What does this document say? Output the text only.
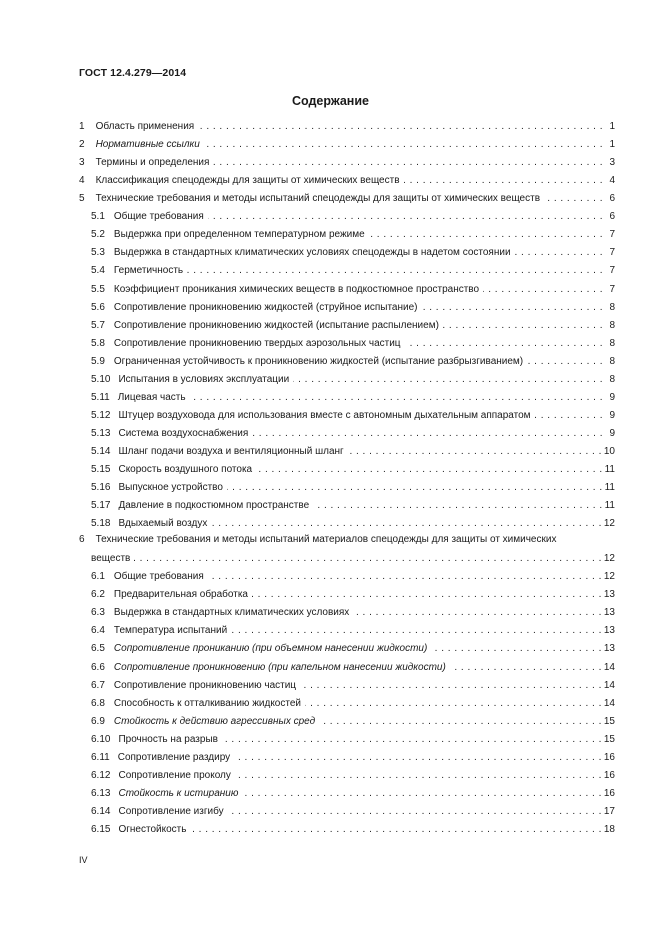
ГОСТ 12.4.279—2014
Содержание
1 Область применения . . .	1
2 Нормативные ссылки . . .	1
3 Термины и определения . . .	3
4 Классификация спецодежды для защиты от химических веществ . . .	4
5 Технические требования и методы испытаний спецодежды для защиты от химических веществ . . .	6
5.1 Общие требования . . .	6
5.2 Выдержка при определенном температурном режиме . . .	7
5.3 Выдержка в стандартных климатических условиях спецодежды в надетом состоянии . . .	7
5.4 Герметичность . . .	7
5.5 Коэффициент проникания химических веществ в подкостюмное пространство . . .	7
5.6 Сопротивление проникновению жидкостей (струйное испытание) . . .	8
5.7 Сопротивление проникновению жидкостей (испытание распылением) . . .	8
5.8 Сопротивление проникновению твердых аэрозольных частиц . . .	8
5.9 Ограниченная устойчивость к проникновению жидкостей (испытание разбрызгиванием) . . .	8
5.10 Испытания в условиях эксплуатации . . .	8
5.11 Лицевая часть . . .	9
5.12 Штуцер воздуховода для использования вместе с автономным дыхательным аппаратом . . .	9
5.13 Система воздухоснабжения . . .	9
5.14 Шланг подачи воздуха и вентиляционный шланг . . .	10
5.15 Скорость воздушного потока . . .	11
5.16 Выпускное устройство . . .	11
5.17 Давление в подкостюмном пространстве . . .	11
5.18 Вдыхаемый воздух . . .	12
6 Технические требования и методы испытаний материалов спецодежды для защиты от химических
веществ . . .	12
6.1 Общие требования . . .	12
6.2 Предварительная обработка . . .	13
6.3 Выдержка в стандартных климатических условиях . . .	13
6.4 Температура испытаний . . .	13
6.5 Сопротивление прониканию (при объемном нанесении жидкости) . . .	13
6.6 Сопротивление проникновению (при капельном нанесении жидкости) . . .	14
6.7 Сопротивление проникновению частиц . . .	14
6.8 Способность к отталкиванию жидкостей . . .	14
6.9 Стойкость к действию агрессивных сред . . .	15
6.10 Прочность на разрыв . . .	15
6.11 Сопротивление раздиру . . .	16
6.12 Сопротивление проколу . . .	16
6.13 Стойкость к истиранию . . .	16
6.14 Сопротивление изгибу . . .	17
6.15 Огнестойкость . . .	18
IV
